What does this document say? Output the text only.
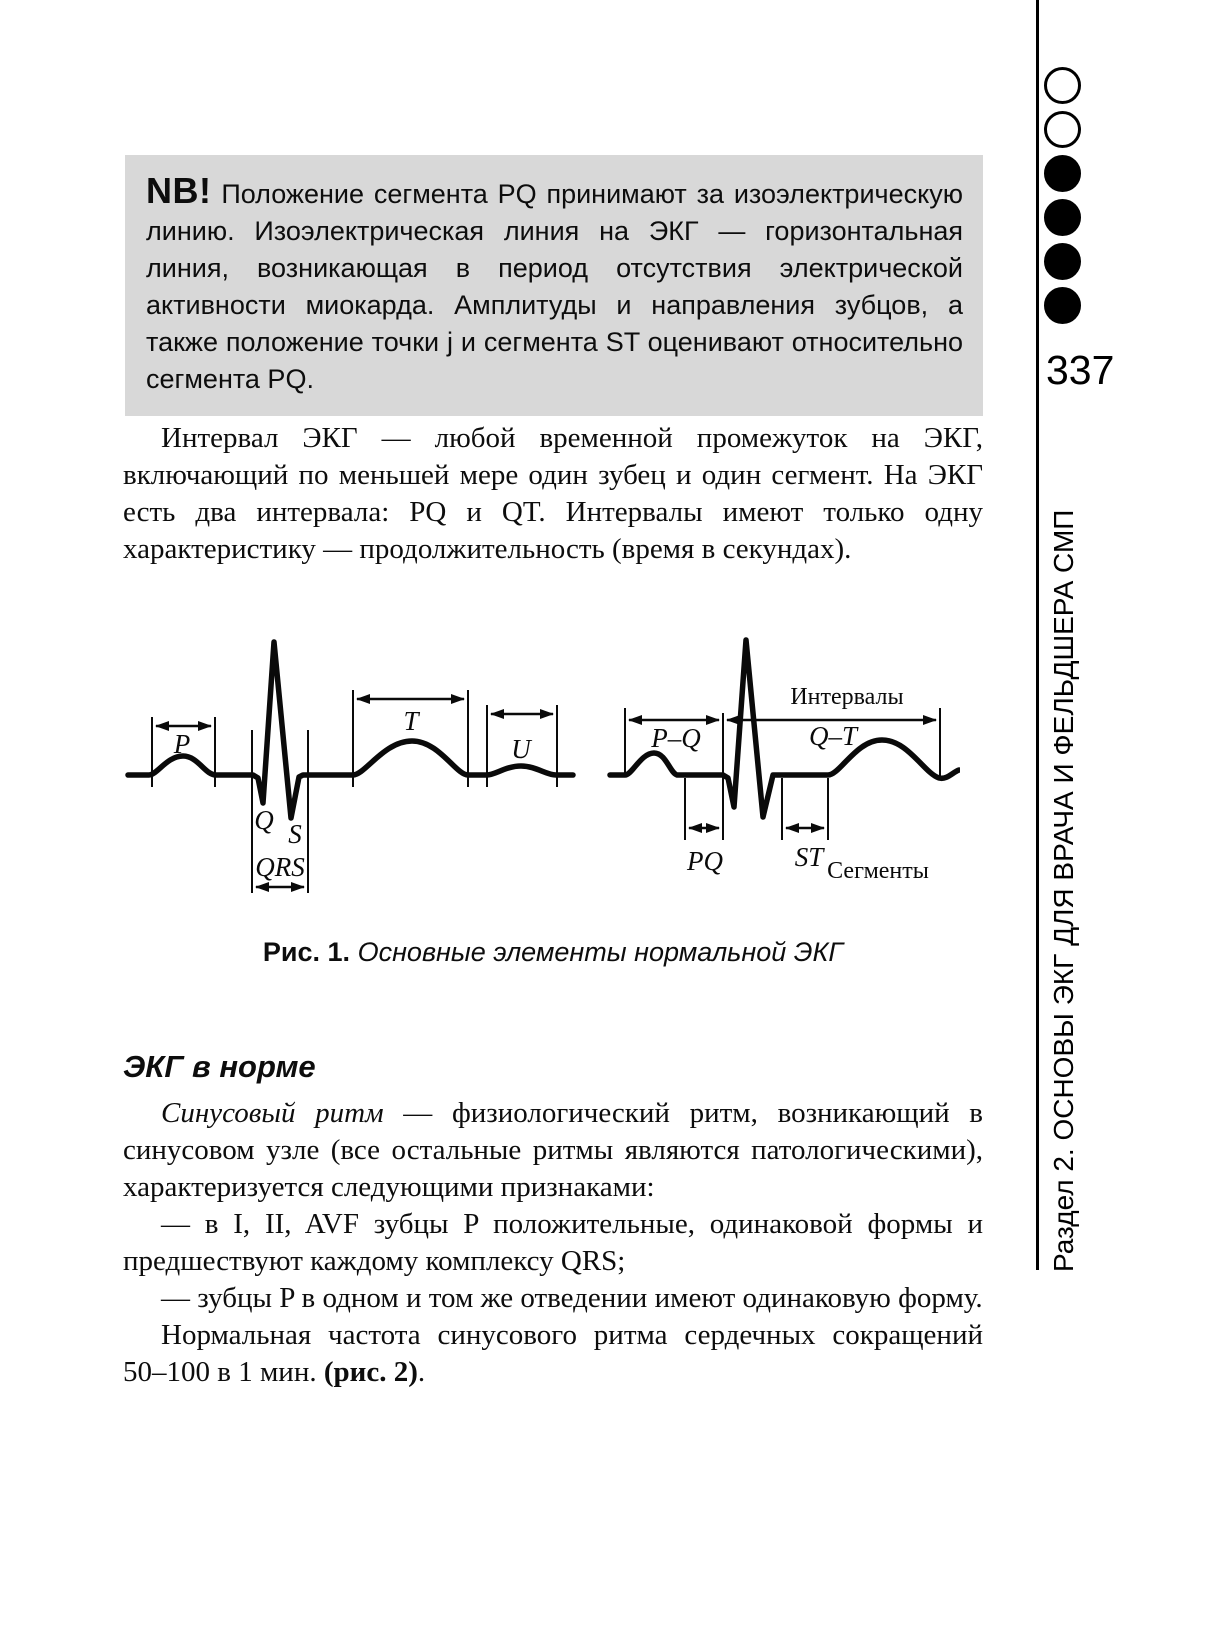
NB! Положение сегмента PQ принимают за изоэлектрическую линию. Изоэлектрическая линия на ЭКГ — горизонтальная линия, возникающая в период отсутствия электрической активности миокарда. Амплитуды и направления зубцов, а также положение точки j и сегмента ST оценивают относительно сегмента PQ.
Интервал ЭКГ — любой временной промежуток на ЭКГ, включающий по меньшей мере один зубец и один сегмент. На ЭКГ есть два интервала: PQ и QT. Интервалы имеют только одну характеристику — продолжительность (время в секундах).
P
Q S
QRS
T
U
Интервалы
P–Q	Q–T
PQ	ST Сегменты
Рис. 1. Основные элементы нормальной ЭКГ
ЭКГ в норме

Синусовый ритм — физиологический ритм, возникающий в синусовом узле (все остальные ритмы являются патологическими), характеризуется следующими признаками:

— в I, II, AVF зубцы P положительные, одинаковой формы и предшествуют каждому комплексу QRS;

— зубцы P в одном и том же отведении имеют одинаковую форму.

Нормальная частота синусового ритма сердечных сокращений 50–100 в 1 мин. (рис. 2).

337
Раздел 2. ОСНОВЫ ЭКГ ДЛЯ ВРАЧА И ФЕЛЬДШЕРА СМП
